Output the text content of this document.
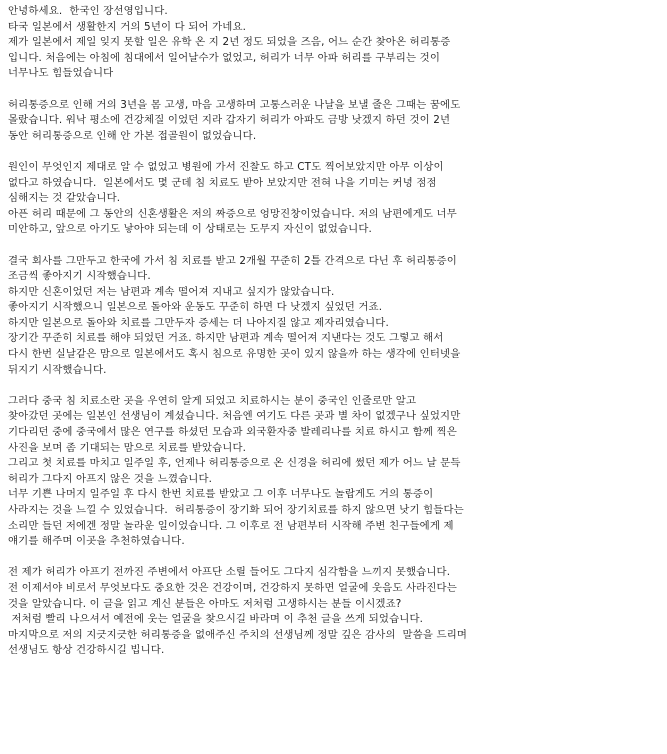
안녕하세요.  한국인 장선영입니다.
타국 일본에서 생활한지 거의 5년이 다 되어 가네요.
제가 일본에서 제일 잊지 못할 일은 유학 온 지 2년 정도 되었을 즈음, 어느 순간 찾아온 허리통증
입니다. 처음에는 아침에 침대에서 일어날수가 없었고, 허리가 너무 아파 허리를 구부리는 것이
너무나도 힘들었습니다
허리통증으로 인해 거의 3년을 몸 고생, 마음 고생하며 고통스러운 나날을 보낼 줄은 그때는 꿈에도
몰랐습니다. 워낙 평소에 건강체질 이었던 지라 갑자기 허리가 아파도 금방 낫겠지 하던 것이 2년
동안 허리통증으로 인해 안 가본 접골원이 없었습니다.
원인이 무엇인지 제대로 알 수 없었고 병원에 가서 진찰도 하고 CT도 찍어보았지만 아무 이상이
없다고 하였습니다.  일본에서도 몇 군데 침 치료도 받아 보았지만 전혀 나을 기미는 커녕 점점
심해지는 것 같았습니다.
아픈 허리 때문에 그 동안의 신혼생활은 저의 짜증으로 엉망진창이었습니다. 저의 남편에게도 너무
미안하고, 앞으로 아기도 낳아야 되는데 이 상태로는 도무지 자신이 없었습니다.
결국 회사를 그만두고 한국에 가서 침 치료를 받고 2개월 꾸준히 2틀 간격으로 다닌 후 허리통증이
조금씩 좋아지기 시작했습니다.
하지만 신혼이었던 저는 남편과 계속 떨어져 지내고 싶지가 않았습니다.
좋아지기 시작했으니 일본으로 돌아와 운동도 꾸준히 하면 다 낫겠지 싶었던 거죠.
하지만 일본으로 돌아와 치료를 그만두자 증세는 더 나아지질 않고 제자리였습니다.
장기간 꾸준히 치료를 해야 되었던 거죠. 하지만 남편과 계속 떨어져 지낸다는 것도 그렇고 해서
다시 한번 실날같은 맘으로 일본에서도 혹시 침으로 유명한 곳이 있지 않을까 하는 생각에 인터넷을
뒤지기 시작했습니다.
그러다 중국 침 치료소란 곳을 우연히 알게 되었고 치료하시는 분이 중국인 인줄로만 알고
찾아갔던 곳에는 일본인 선생님이 계셨습니다. 처음엔 여기도 다른 곳과 별 차이 없겠구나 싶었지만
기다리던 중에 중국에서 많은 연구를 하셨던 모습과 외국환자중 발레리나를 치료 하시고 함께 찍은
사진을 보며 좀 기대되는 맘으로 치료를 받았습니다.
그리고 첫 치료를 마치고 일주일 후, 언제나 허리통증으로 온 신경을 허리에 썼던 제가 어느 날 문득
허리가 그다지 아프지 않은 것을 느꼈습니다.
너무 기쁜 나머지 일주일 후 다시 한번 치료를 받았고 그 이후 너무나도 놀랍게도 거의 통증이
사라지는 것을 느낄 수 있었습니다.  허리통증이 장기화 되어 장기치료를 하지 않으면 낫기 힘들다는
소리만 들던 저에겐 정말 놀라운 일이었습니다. 그 이후로 전 남편부터 시작해 주변 친구들에게 제
얘기를 해주며 이곳을 추천하였습니다.
전 제가 허리가 아프기 전까진 주변에서 아프단 소릴 들어도 그다지 심각함을 느끼지 못했습니다.
전 이제서야 비로서 무엇보다도 중요한 것은 건강이며, 건강하지 못하면 얼굴에 웃음도 사라진다는
것을 알았습니다. 이 글을 읽고 계신 분들은 아마도 저처럼 고생하시는 분들 이시겠죠?
저처럼 빨리 나으셔서 예전에 웃는 얼굴을 찾으시길 바라며 이 추천 글을 쓰게 되었습니다.
마지막으로 저의 지긋지긋한 허리통증을 없애주신 주치의 선생님께 정말 깊은 감사의  말씀을 드리며
선생님도 항상 건강하시길 빕니다.
